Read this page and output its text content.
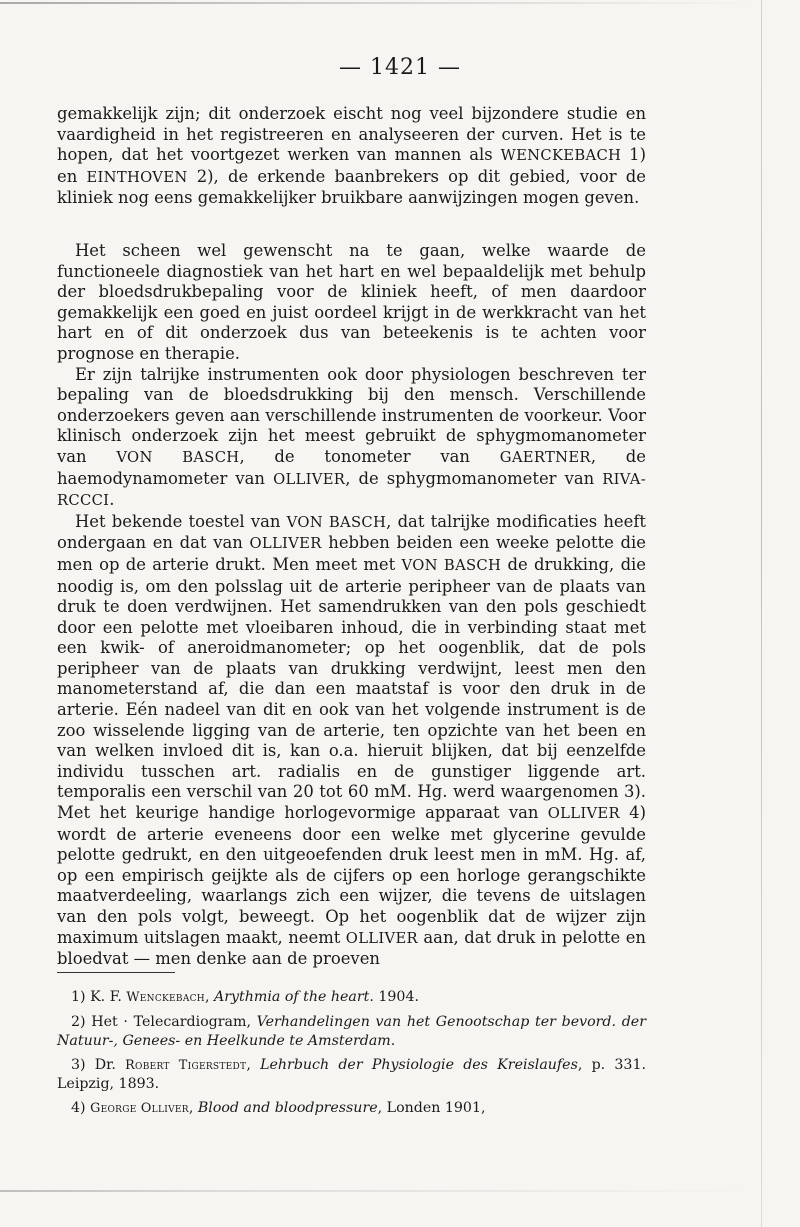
— 1421 —

gemakkelijk zijn; dit onderzoek eischt nog veel bijzondere studie en vaardigheid in het registreeren en analyseeren der curven. Het is te hopen, dat het voortgezet werken van mannen als WENCKEBACH 1) en EINTHOVEN 2), de erkende baanbrekers op dit gebied, voor de kliniek nog eens gemakkelijker bruikbare aanwijzingen mogen geven.

Het scheen wel gewenscht na te gaan, welke waarde de functioneele diagnostiek van het hart en wel bepaaldelijk met behulp der bloedsdrukbepaling voor de kliniek heeft, of men daardoor gemakkelijk een goed en juist oordeel krijgt in de werkkracht van het hart en of dit onderzoek dus van beteekenis is te achten voor prognose en therapie.

Er zijn talrijke instrumenten ook door physiologen beschreven ter bepaling van de bloedsdrukking bij den mensch. Verschillende onderzoekers geven aan verschillende instrumenten de voorkeur. Voor klinisch onderzoek zijn het meest gebruikt de sphygmomanometer van VON BASCH, de tonometer van GAERTNER, de haemodynamometer van OLLIVER, de sphygmomanometer van RIVA-RCCCI.

Het bekende toestel van VON BASCH, dat talrijke modificaties heeft ondergaan en dat van OLLIVER hebben beiden een weeke pelotte die men op de arterie drukt. Men meet met VON BASCH de drukking, die noodig is, om den polsslag uit de arterie peripheer van de plaats van druk te doen verdwijnen. Het samendrukken van den pols geschiedt door een pelotte met vloeibaren inhoud, die in verbinding staat met een kwik- of aneroidmanometer; op het oogenblik, dat de pols peripheer van de plaats van drukking verdwijnt, leest men den manometerstand af, die dan een maatstaf is voor den druk in de arterie. Eén nadeel van dit en ook van het volgende instrument is de zoo wisselende ligging van de arterie, ten opzichte van het been en van welken invloed dit is, kan o.a. hieruit blijken, dat bij eenzelfde individu tusschen art. radialis en de gunstiger liggende art. temporalis een verschil van 20 tot 60 mM. Hg. werd waargenomen 3). Met het keurige handige horlogevormige apparaat van OLLIVER 4) wordt de arterie eveneens door een welke met glycerine gevulde pelotte gedrukt, en den uitgeoefenden druk leest men in mM. Hg. af, op een empirisch geijkte als de cijfers op een horloge gerangschikte maatverdeeling, waarlangs zich een wijzer, die tevens de uitslagen van den pols volgt, beweegt. Op het oogenblik dat de wijzer zijn maximum uitslagen maakt, neemt OLLIVER aan, dat druk in pelotte en bloedvat — men denke aan de proeven

1) K. F. Wenckebach, Arythmia of the heart. 1904.

2) Het · Telecardiogram, Verhandelingen van het Genootschap ter bevord. der Natuur-, Genees- en Heelkunde te Amsterdam.

3) Dr. Robert Tigerstedt, Lehrbuch der Physiologie des Kreislaufes, p. 331. Leipzig, 1893.

4) George Olliver, Blood and bloodpressure, Londen 1901,
